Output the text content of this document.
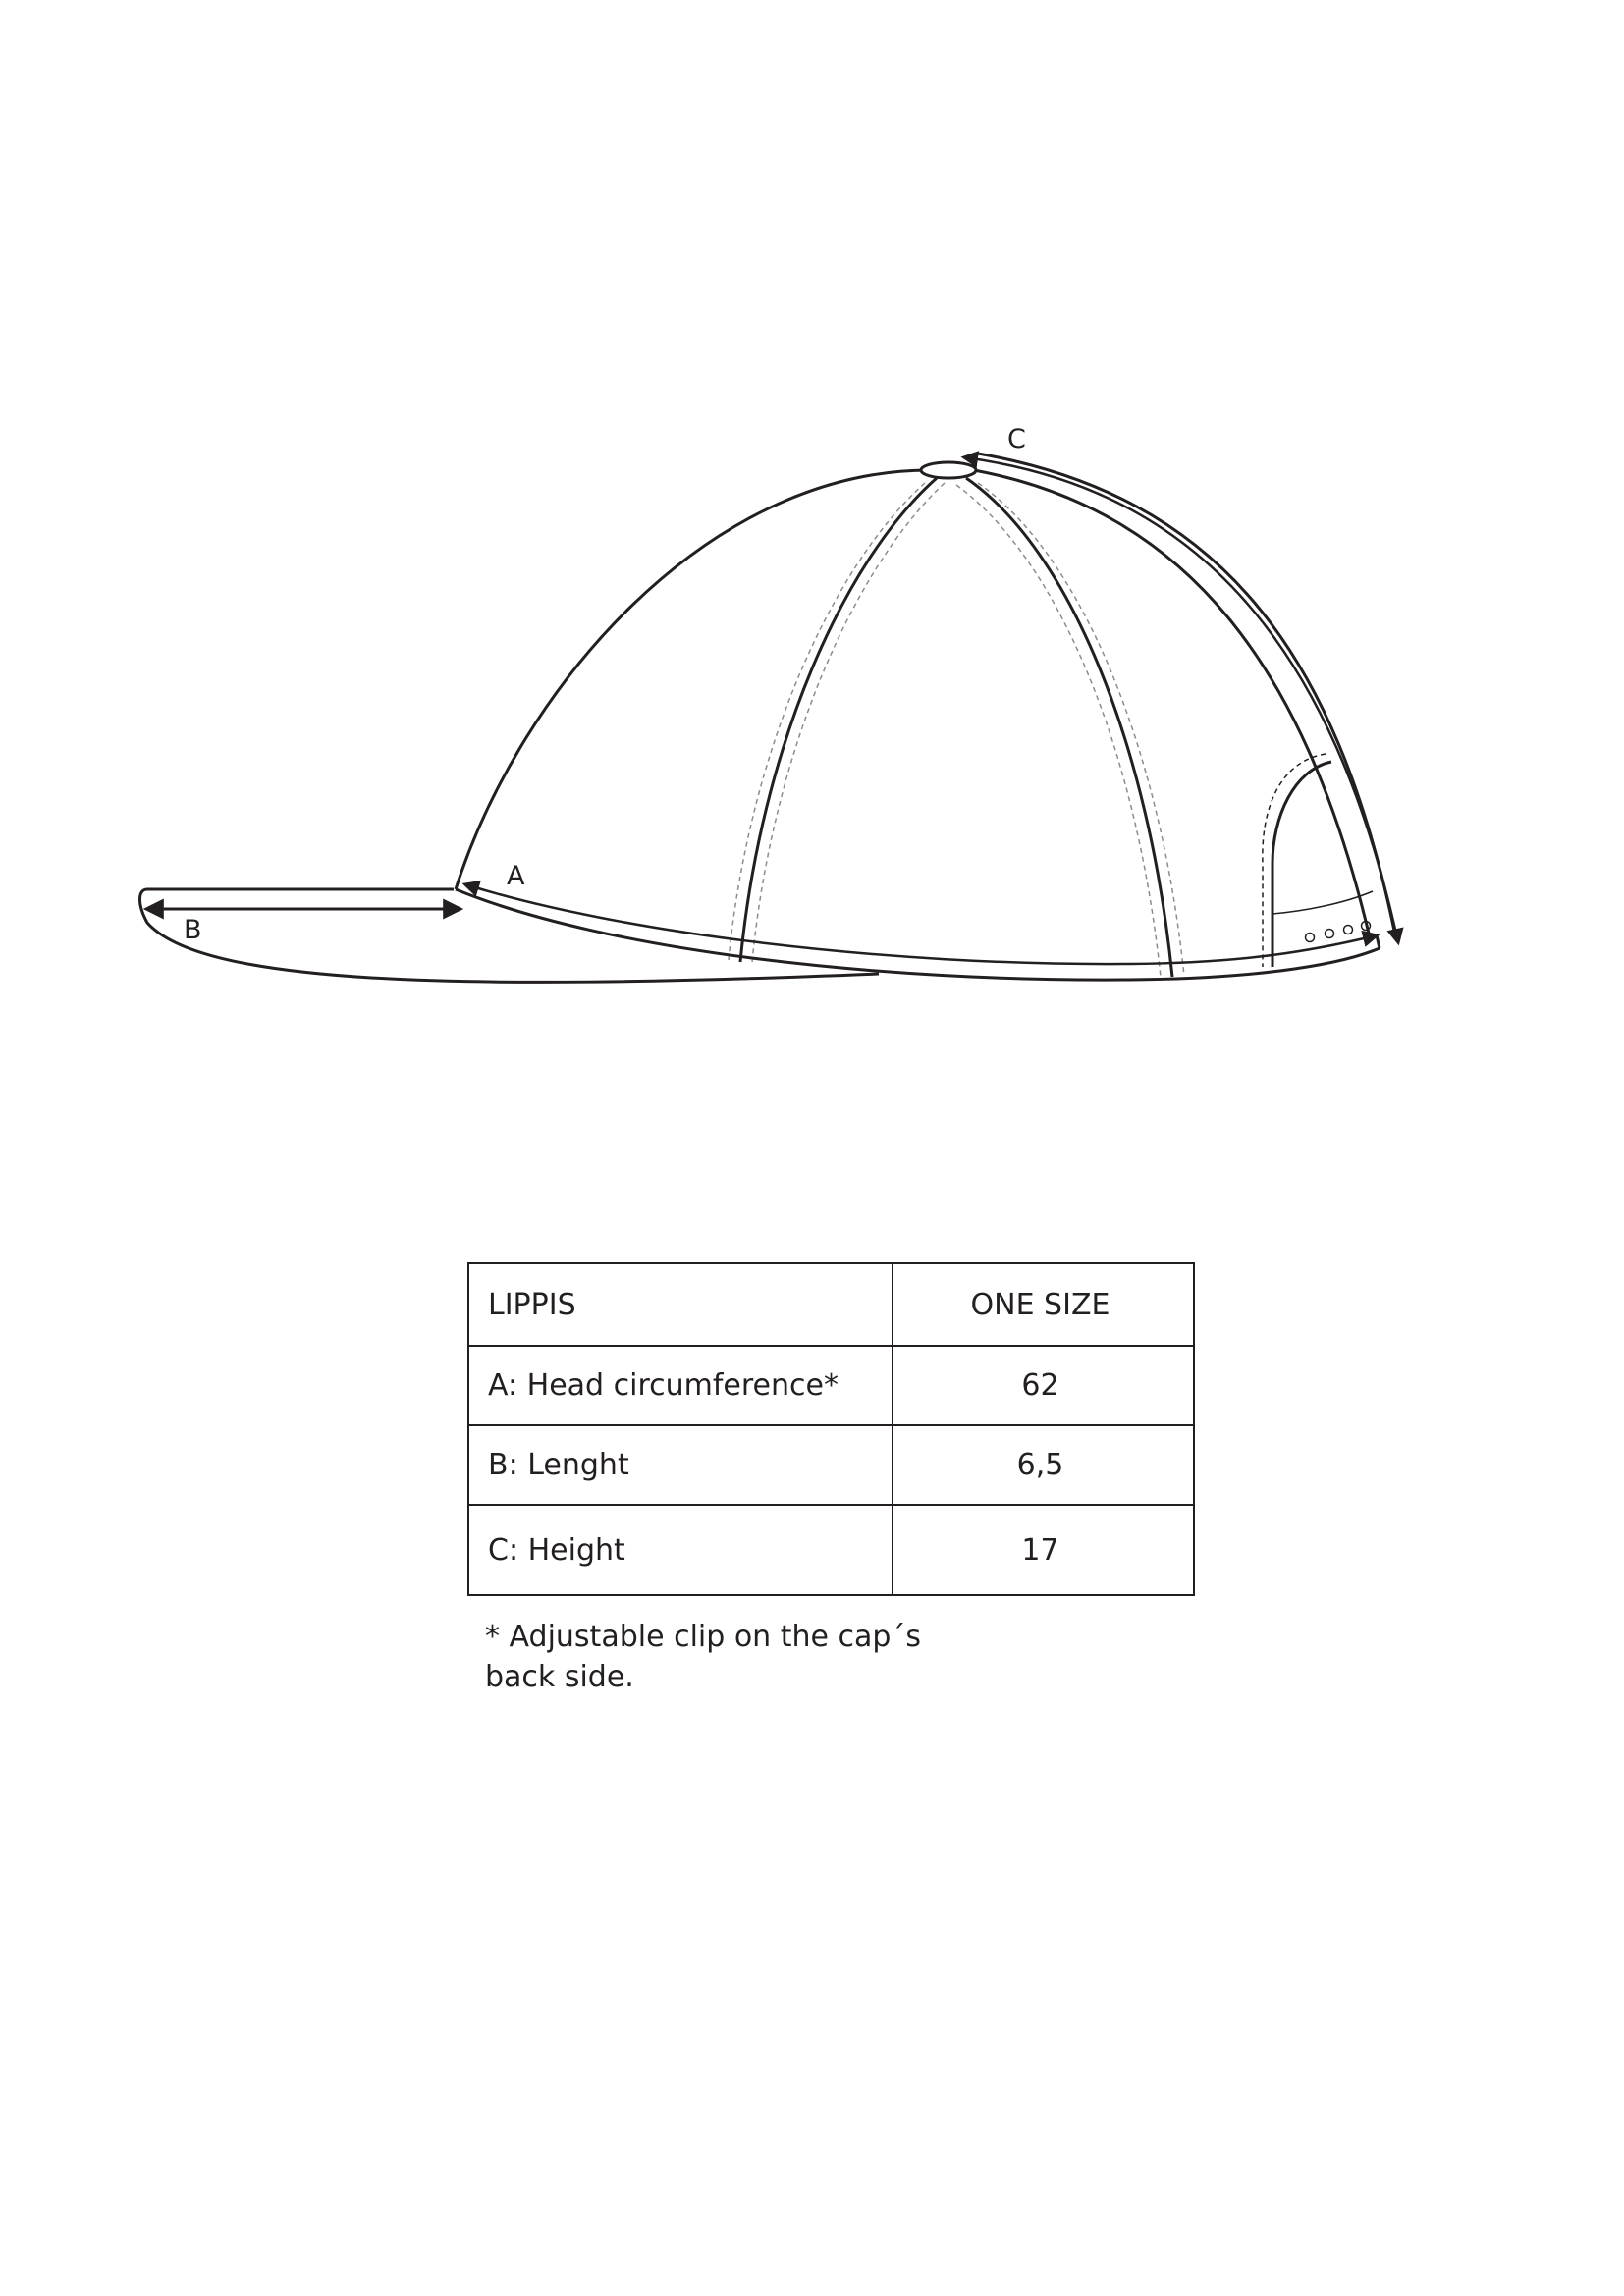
A
B
C
LIPPIS	ONE SIZE
A: Head circumference*	62
B: Lenght	6,5
C: Height	17

* Adjustable clip on the cap´s
back side.
